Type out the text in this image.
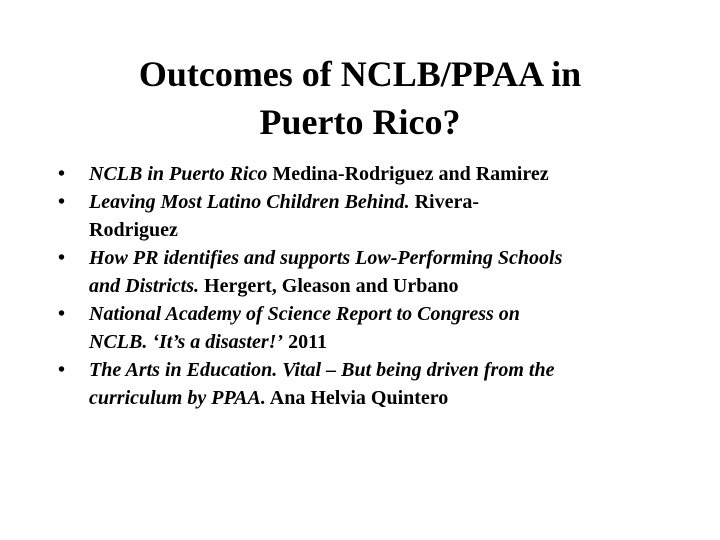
Outcomes of NCLB/PPAA in
Puerto Rico?
• NCLB in Puerto Rico Medina-Rodriguez and Ramirez
• Leaving Most Latino Children Behind. Rivera-
Rodriguez
• How PR identifies and supports Low-Performing Schools
and Districts. Hergert, Gleason and Urbano
• National Academy of Science Report to Congress on
NCLB. ‘It’s a disaster!’ 2011
• The Arts in Education. Vital – But being driven from the
curriculum by PPAA. Ana Helvia Quintero
